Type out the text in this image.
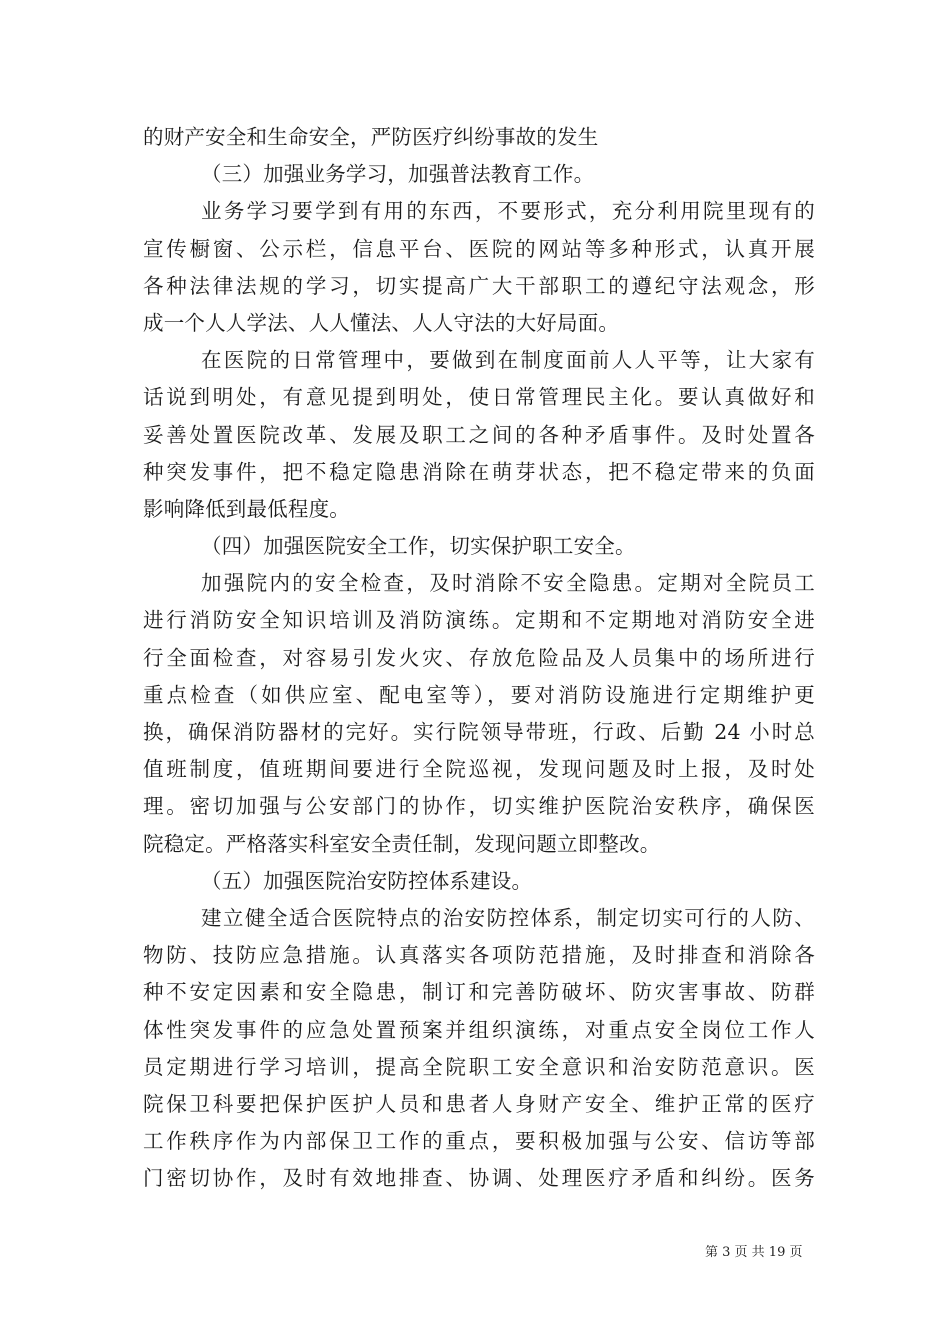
的财产安全和生命安全，严防医疗纠纷事故的发生
（三）加强业务学习，加强普法教育工作。
业务学习要学到有用的东西，不要形式，充分利用院里现有的
宣传橱窗、公示栏，信息平台、医院的网站等多种形式，认真开展
各种法律法规的学习，切实提高广大干部职工的遵纪守法观念，形
成一个人人学法、人人懂法、人人守法的大好局面。
在医院的日常管理中，要做到在制度面前人人平等，让大家有
话说到明处，有意见提到明处，使日常管理民主化。要认真做好和
妥善处置医院改革、发展及职工之间的各种矛盾事件。及时处置各
种突发事件，把不稳定隐患消除在萌芽状态，把不稳定带来的负面
影响降低到最低程度。
（四）加强医院安全工作，切实保护职工安全。
加强院内的安全检查，及时消除不安全隐患。定期对全院员工
进行消防安全知识培训及消防演练。定期和不定期地对消防安全进
行全面检查，对容易引发火灾、存放危险品及人员集中的场所进行
重点检查（如供应室、配电室等），要对消防设施进行定期维护更
换，确保消防器材的完好。实行院领导带班，行政、后勤 24 小时总
值班制度，值班期间要进行全院巡视，发现问题及时上报，及时处
理。密切加强与公安部门的协作，切实维护医院治安秩序，确保医
院稳定。严格落实科室安全责任制，发现问题立即整改。
（五）加强医院治安防控体系建设。
建立健全适合医院特点的治安防控体系，制定切实可行的人防、
物防、技防应急措施。认真落实各项防范措施，及时排查和消除各
种不安定因素和安全隐患，制订和完善防破坏、防灾害事故、防群
体性突发事件的应急处置预案并组织演练，对重点安全岗位工作人
员定期进行学习培训，提高全院职工安全意识和治安防范意识。医
院保卫科要把保护医护人员和患者人身财产安全、维护正常的医疗
工作秩序作为内部保卫工作的重点，要积极加强与公安、信访等部
门密切协作，及时有效地排查、协调、处理医疗矛盾和纠纷。医务
第 3 页 共 19 页
